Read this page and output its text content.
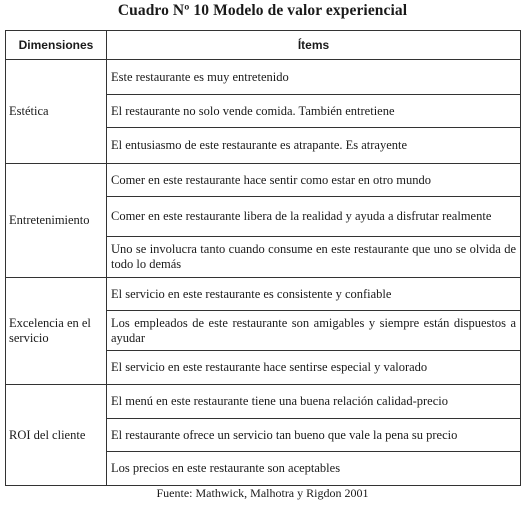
Cuadro Nº 10 Modelo de valor experiencial
Dimensiones	Ítems
Estética	Este restaurante es muy entretenido
El restaurante no solo vende comida. También entretiene
El entusiasmo de este restaurante es atrapante. Es atrayente

Entretenimiento	Comer en este restaurante hace sentir como estar en otro mundo
Comer en este restaurante libera de la realidad y ayuda a disfrutar realmente
Uno se involucra tanto cuando consume en este restaurante que uno se olvida de todo lo demás

Excelencia en el servicio	El servicio en este restaurante es consistente y confiable
Los empleados de este restaurante son amigables y siempre están dispuestos a ayudar
El servicio en este restaurante hace sentirse especial y valorado

ROI del cliente	El menú en este restaurante tiene una buena relación calidad-precio
El restaurante ofrece un servicio tan bueno que vale la pena su precio
Los precios en este restaurante son aceptables
Fuente: Mathwick, Malhotra y Rigdon 2001
